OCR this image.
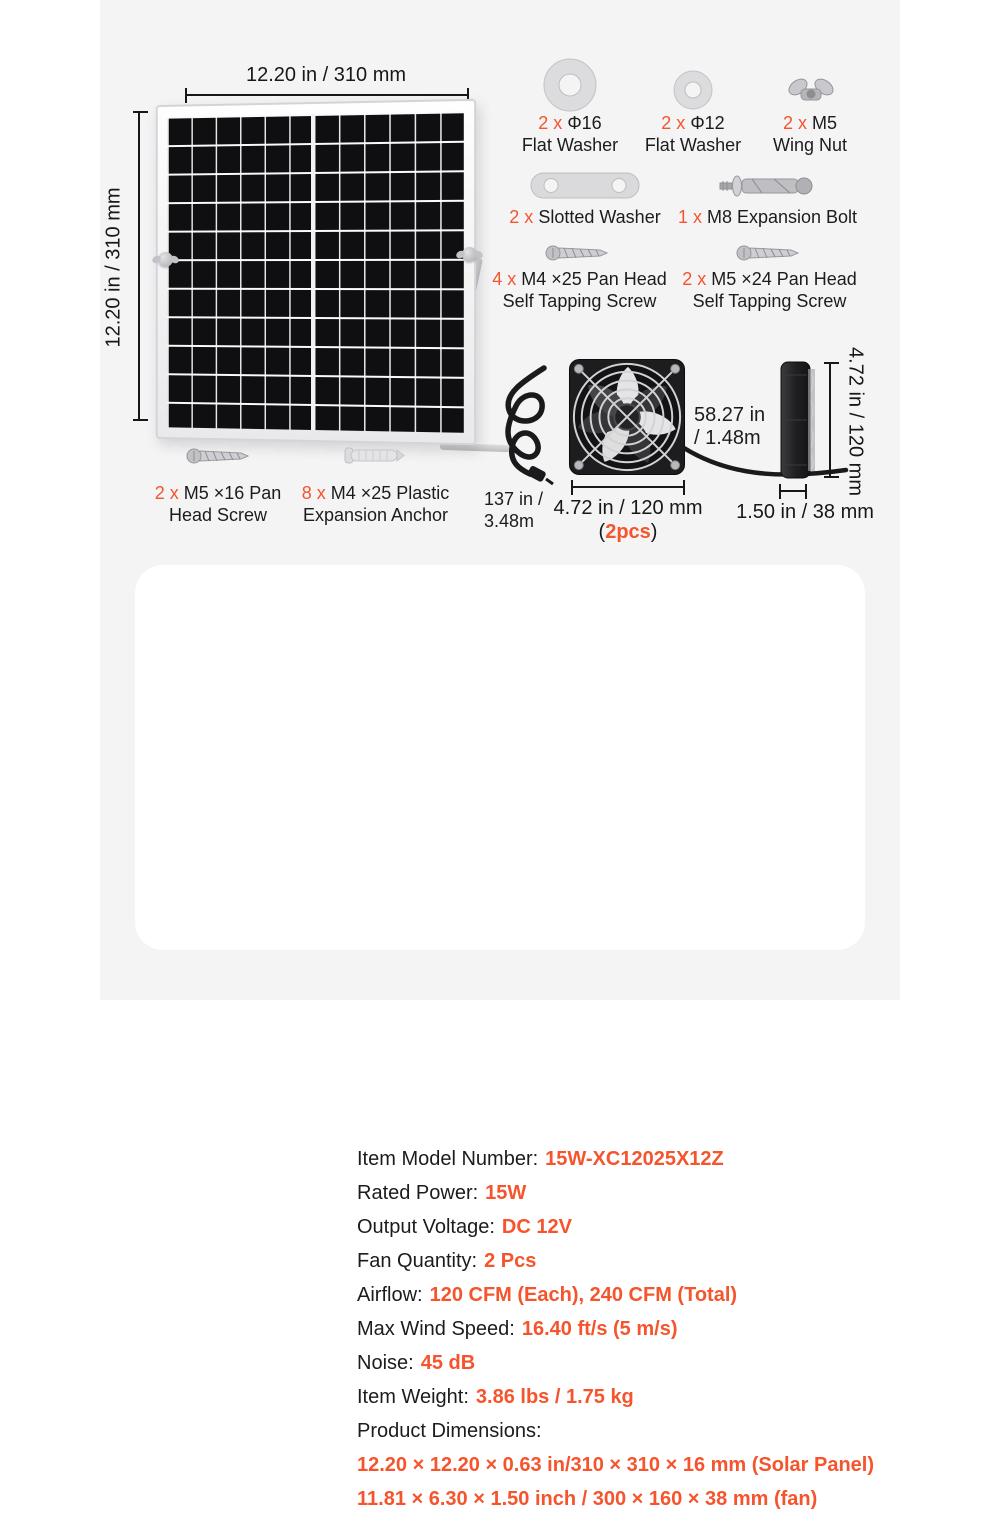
12.20 in / 310 mm
12.20 in / 310 mm
2 x Φ16
Flat Washer
2 x Φ12
Flat Washer
2 x M5
Wing Nut
2 x Slotted Washer 1 x M8 Expansion Bolt
4 x M4 ×25 Pan Head
Self Tapping Screw
2 x M5 ×24 Pan Head
Self Tapping Screw
2 x M5 ×16 Pan
Head Screw
8 x M4 ×25 Plastic
Expansion Anchor
137 in /
3.48m
4.72 in / 120 mm
(2pcs)
58.27 in
/ 1.48m	4.72 in / 120 mm
1.50 in / 38 mm
Item Model Number: 15W-XC12025X12Z
Rated Power: 15W
Output Voltage: DC 12V
Fan Quantity: 2 Pcs
Airflow: 120 CFM (Each), 240 CFM (Total)
Max Wind Speed: 16.40 ft/s (5 m/s)
Noise: 45 dB
Item Weight: 3.86 lbs / 1.75 kg
Product Dimensions:
12.20 × 12.20 × 0.63 in/310 × 310 × 16 mm (Solar Panel)
11.81 × 6.30 × 1.50 inch / 300 × 160 × 38 mm (fan)
